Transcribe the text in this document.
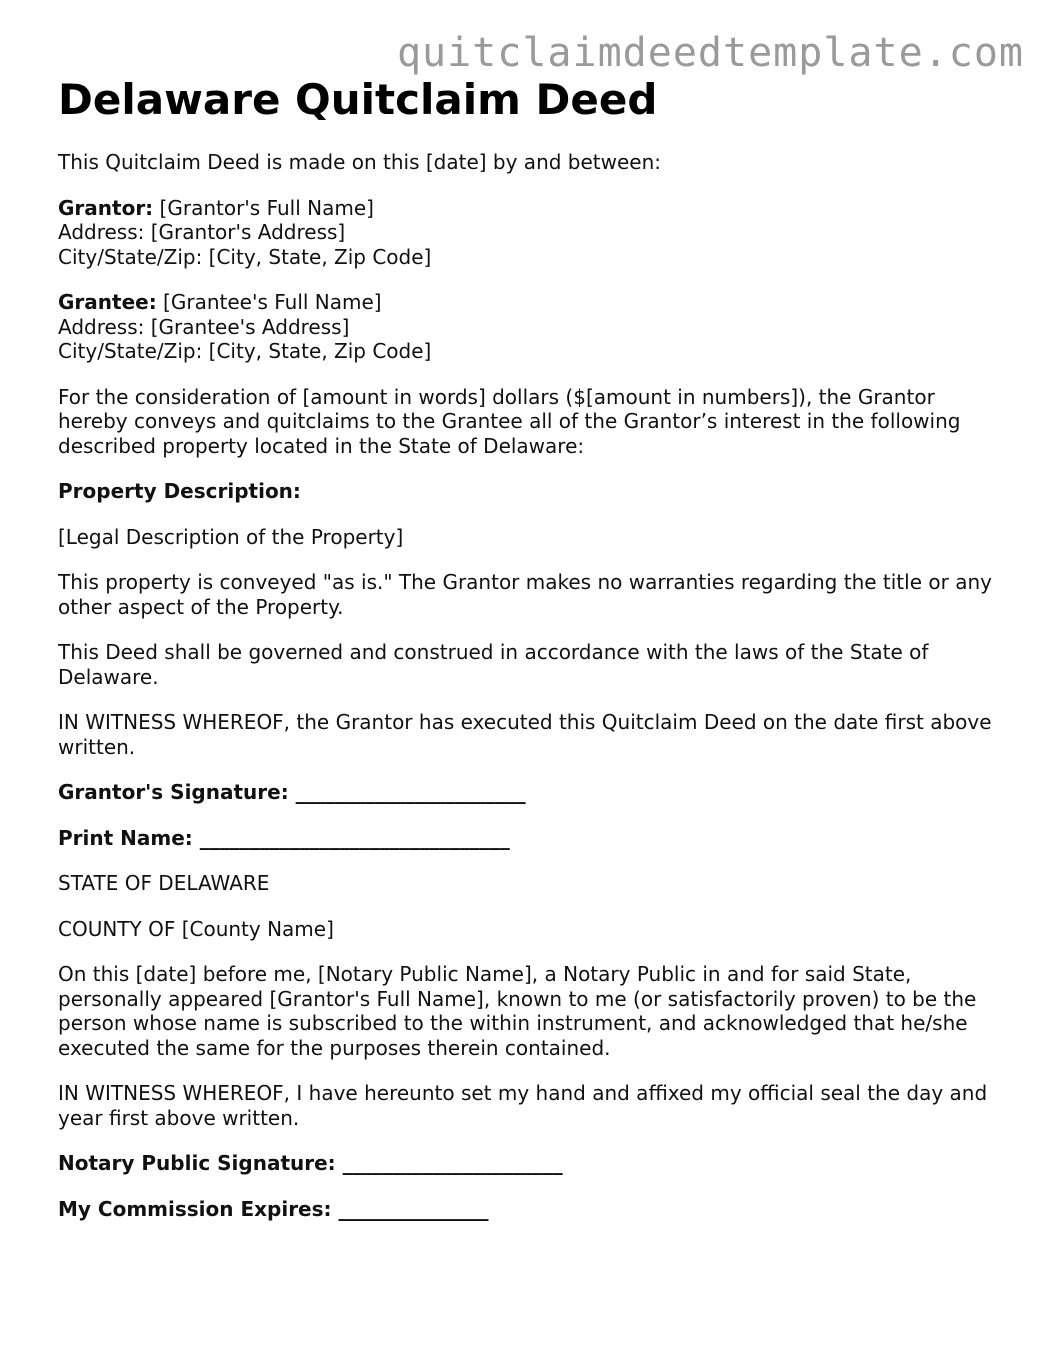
quitclaimdeedtemplate.com
Delaware Quitclaim Deed

This Quitclaim Deed is made on this [date] by and between:

Grantor: [Grantor's Full Name]
Address: [Grantor's Address]
City/State/Zip: [City, State, Zip Code]

Grantee: [Grantee's Full Name]
Address: [Grantee's Address]
City/State/Zip: [City, State, Zip Code]

For the consideration of [amount in words] dollars ($[amount in numbers]), the Grantor hereby conveys and quitclaims to the Grantee all of the Grantor’s interest in the following described property located in the State of Delaware:

Property Description:

[Legal Description of the Property]

This property is conveyed "as is." The Grantor makes no warranties regarding the title or any other aspect of the Property.

This Deed shall be governed and construed in accordance with the laws of the State of Delaware.

IN WITNESS WHEREOF, the Grantor has executed this Quitclaim Deed on the date first above written.

Grantor's Signature: _______________________

Print Name: _______________________________

STATE OF DELAWARE

COUNTY OF [County Name]

On this [date] before me, [Notary Public Name], a Notary Public in and for said State, personally appeared [Grantor's Full Name], known to me (or satisfactorily proven) to be the person whose name is subscribed to the within instrument, and acknowledged that he/she executed the same for the purposes therein contained.

IN WITNESS WHEREOF, I have hereunto set my hand and affixed my official seal the day and year first above written.

Notary Public Signature: ______________________

My Commission Expires: _______________
